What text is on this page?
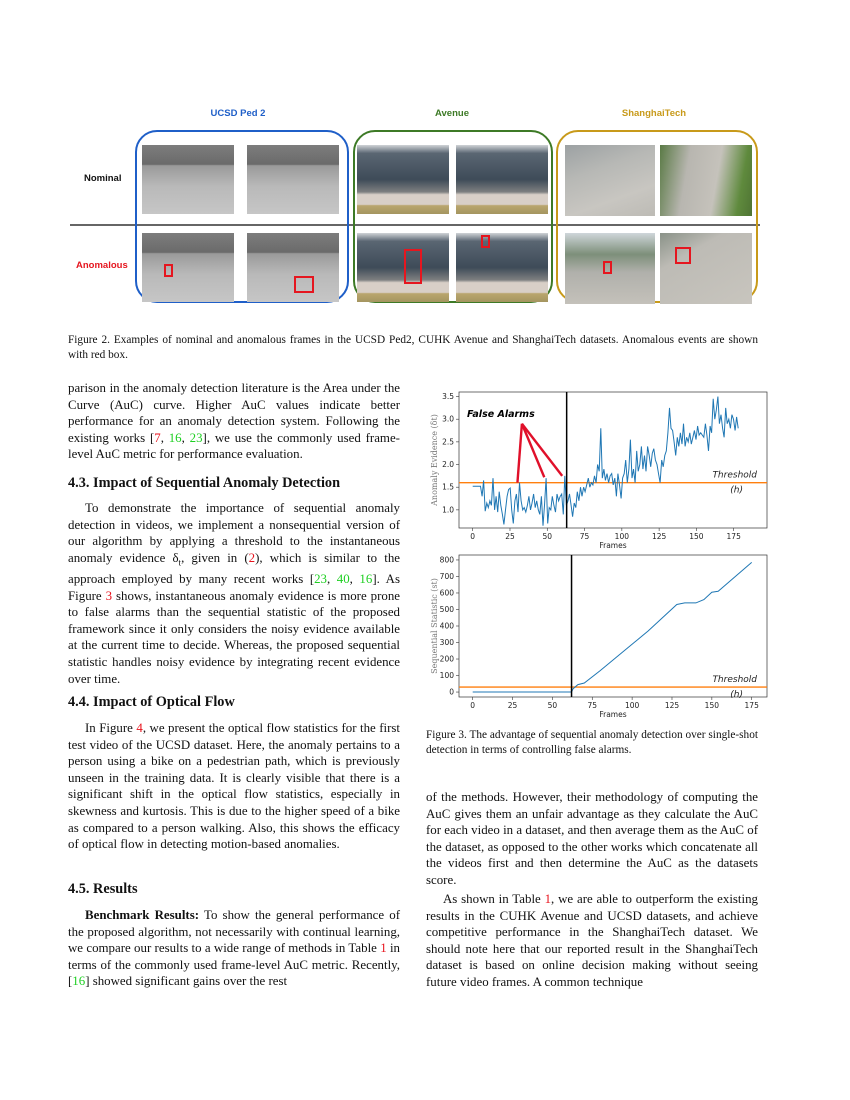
UCSD Ped 2	Avenue	ShanghaiTech
Nominal
Anomalous
Figure 2. Examples of nominal and anomalous frames in the UCSD Ped2, CUHK Avenue and ShanghaiTech datasets. Anomalous events are shown with red box.
parison in the anomaly detection literature is the Area under the Curve (AuC) curve. Higher AuC values indicate better performance for an anomaly detection system. Following the existing works [7, 16, 23], we use the commonly used frame-level AuC metric for performance evaluation.
4.3. Impact of Sequential Anomaly Detection
To demonstrate the importance of sequential anomaly detection in videos, we implement a nonsequential version of our algorithm by applying a threshold to the instantaneous anomaly evidence $\delta_t$, given in (2), which is similar to the approach employed by many recent works [23, 40, 16]. As Figure 3 shows, instantaneous anomaly evidence is more prone to false alarms than the sequential statistic of the proposed framework since it only considers the noisy evidence available at the current time to decide. Whereas, the proposed sequential statistic handles noisy evidence by integrating recent evidence over time.
4.4. Impact of Optical Flow
In Figure 4, we present the optical flow statistics for the first test video of the UCSD dataset. Here, the anomaly pertains to a person using a bike on a pedestrian path, which is previously unseen in the training data. It is clearly visible that there is a significant shift in the optical flow statistics, especially in skewness and kurtosis. This is due to the higher speed of a bike as compared to a person walking. Also, this shows the efficacy of optical flow in detecting motion-based anomalies.
4.5. Results
Benchmark Results: To show the general performance of the proposed algorithm, not necessarily with continual learning, we compare our results to a wide range of methods in Table 1 in terms of the commonly used frame-level AuC metric. Recently, [16] showed significant gains over the rest
0	25	50	75	100	125	150	175
1.0
1.5
2.0
2.5
3.0
3.5
Frames
Anomaly Evidence (δt)	Threshold
(h)
False Alarms
0	25	50	75	100	125	150	175
0
100
200
300
400
500
600
700
800
Frames
Sequential Statistic (st)
Threshold
(h)
Figure 3. The advantage of sequential anomaly detection over single-shot detection in terms of controlling false alarms.
of the methods. However, their methodology of computing the AuC gives them an unfair advantage as they calculate the AuC for each video in a dataset, and then average them as the AuC of the dataset, as opposed to the other works which concatenate all the videos first and then determine the AuC as the datasets score.
As shown in Table 1, we are able to outperform the existing results in the CUHK Avenue and UCSD datasets, and achieve competitive performance in the ShanghaiTech dataset. We should note here that our reported result in the ShanghaiTech dataset is based on online decision making without seeing future video frames. A common technique
